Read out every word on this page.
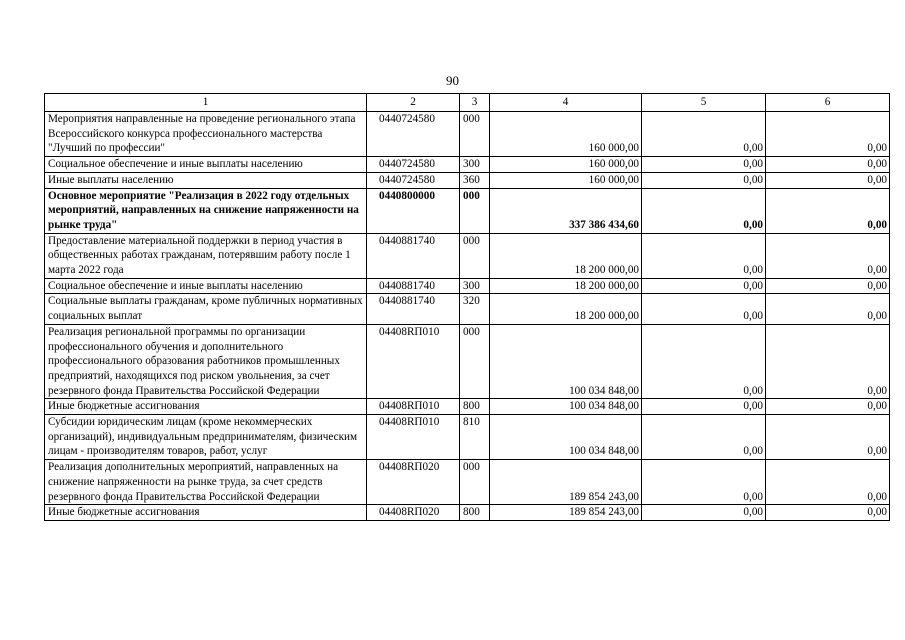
90
1	2	3	4	5	6
Мероприятия направленные на проведение регионального этапа Всероссийского конкурса профессионального мастерства "Лучший по профессии"	0440724580	000	160 000,00	0,00	0,00
Социальное обеспечение и иные выплаты населению	0440724580	300	160 000,00	0,00	0,00
Иные выплаты населению	0440724580	360	160 000,00	0,00	0,00
Основное мероприятие "Реализация в 2022 году отдельных мероприятий, направленных на снижение напряженности на рынке труда"	0440800000	000	337 386 434,60	0,00	0,00
Предоставление материальной поддержки в период участия в общественных работах гражданам, потерявшим работу после 1 марта 2022 года	0440881740	000	18 200 000,00	0,00	0,00
Социальное обеспечение и иные выплаты населению	0440881740	300	18 200 000,00	0,00	0,00
Социальные выплаты гражданам, кроме публичных нормативных социальных выплат	0440881740	320	18 200 000,00	0,00	0,00
Реализация региональной программы по организации профессионального обучения и дополнительного профессионального образования работников промышленных предприятий, находящихся под риском увольнения, за счет резервного фонда Правительства Российской Федерации	04408RП010	000	100 034 848,00	0,00	0,00
Иные бюджетные ассигнования	04408RП010	800	100 034 848,00	0,00	0,00
Субсидии юридическим лицам (кроме некоммерческих организаций), индивидуальным предпринимателям, физическим лицам - производителям товаров, работ, услуг	04408RП010	810	100 034 848,00	0,00	0,00
Реализация дополнительных мероприятий, направленных на снижение напряженности на рынке труда, за счет средств резервного фонда Правительства Российской Федерации	04408RП020	000	189 854 243,00	0,00	0,00
Иные бюджетные ассигнования	04408RП020	800	189 854 243,00	0,00	0,00
